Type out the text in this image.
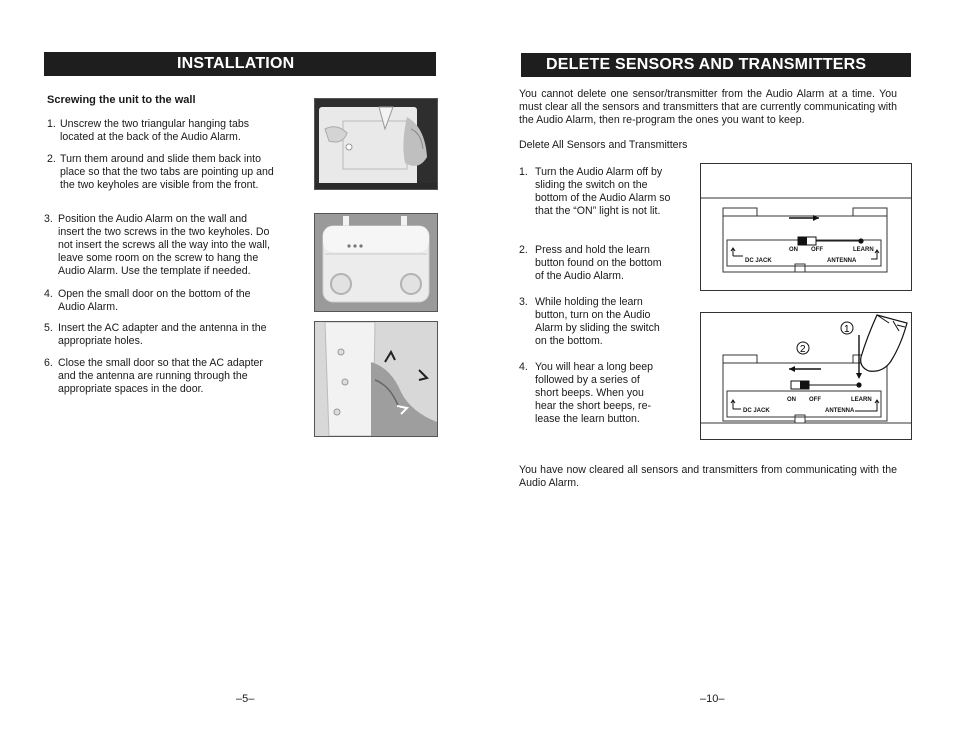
INSTALLATION
Screwing the unit to the wall
1. Unscrew the two triangular hanging tabs located at the back of the Audio Alarm.
2. Turn them around and slide them back into place so that the two tabs are pointing up and the two keyholes are visible from the front.
3. Position the Audio Alarm on the wall and insert the two screws in the two keyholes. Do not insert the screws all the way into the wall, leave some room on the screw to hang the Audio Alarm. Use the template if needed.
4. Open the small door on the bottom of the Audio Alarm.
5. Insert the AC adapter and the antenna in the appropriate holes.
6. Close the small door so that the AC adapter and the antenna are running through the appropriate spaces in the door.
–5–
DELETE SENSORS AND TRANSMITTERS
You cannot delete one sensor/transmitter from the Audio Alarm at a time. You must clear all the sensors and transmitters that are currently communicating with the Audio Alarm, then re-program the ones you want to keep.
Delete All Sensors and Transmitters
1. Turn the Audio Alarm off by sliding the switch on the bottom of the Audio Alarm so that the “ON” light is not lit.
2. Press and hold the learn button found on the bottom of the Audio Alarm.
3. While holding the learn button, turn on the Audio Alarm by sliding the switch on the bottom.
4. You will hear a long beep followed by a series of short beeps. When you hear the short beeps, re-lease the learn button.
ON OFF	LEARN
DC JACK	ANTENNA
ON OFF	LEARN
DC JACK	ANTENNA
1
2
You have now cleared all sensors and transmitters from communicating with the Audio Alarm.
–10–
